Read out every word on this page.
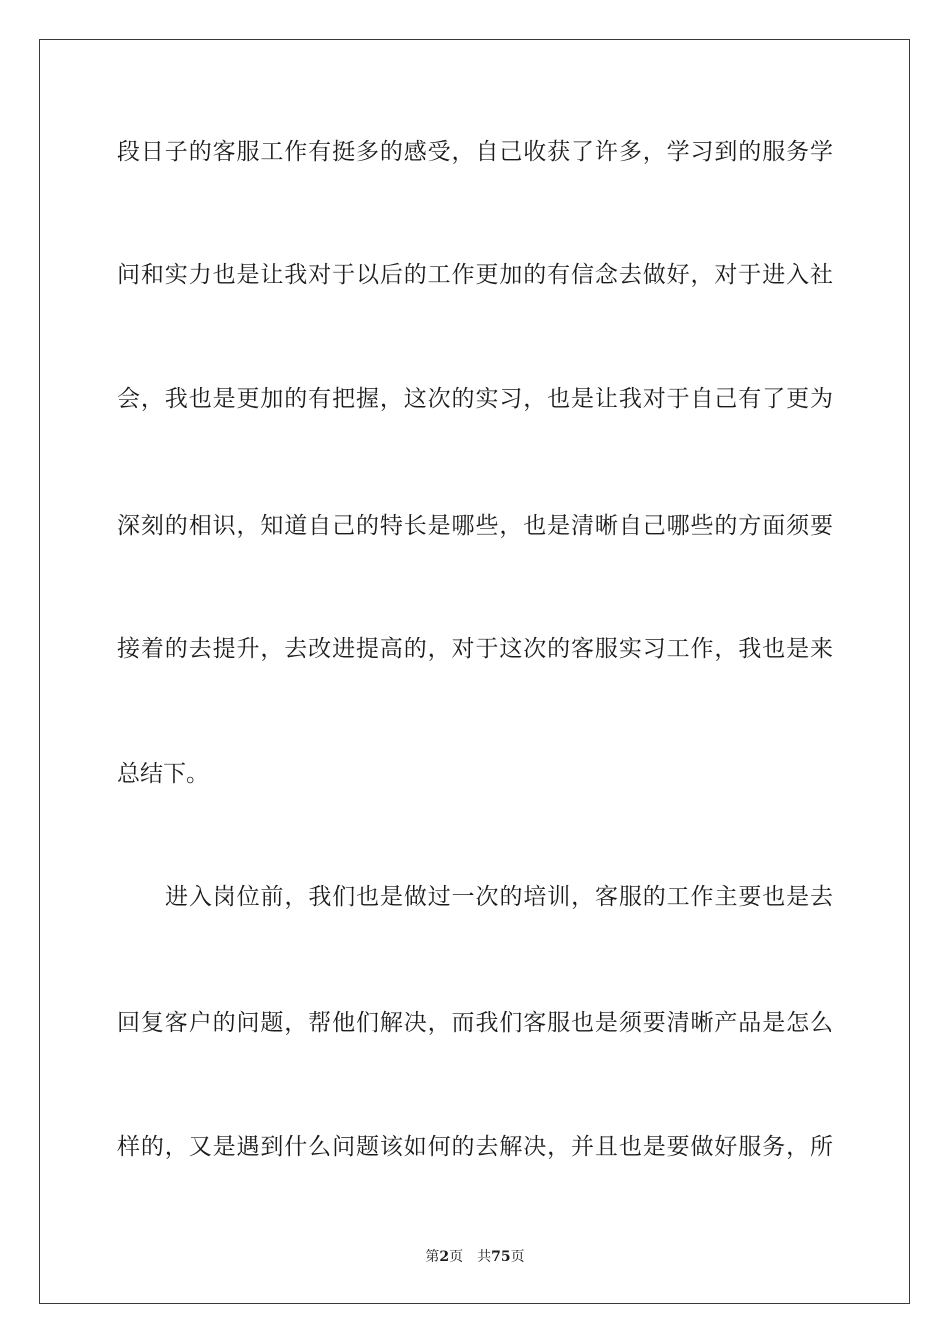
段日子的客服工作有挺多的感受，自己收获了许多，学习到的服务学
问和实力也是让我对于以后的工作更加的有信念去做好，对于进入社
会，我也是更加的有把握，这次的实习，也是让我对于自己有了更为
深刻的相识，知道自己的特长是哪些，也是清晰自己哪些的方面须要
接着的去提升，去改进提高的，对于这次的客服实习工作，我也是来
总结下。
进入岗位前，我们也是做过一次的培训，客服的工作主要也是去
回复客户的问题，帮他们解决，而我们客服也是须要清晰产品是怎么
样的，又是遇到什么问题该如何的去解决，并且也是要做好服务，所
第2页 共75页
